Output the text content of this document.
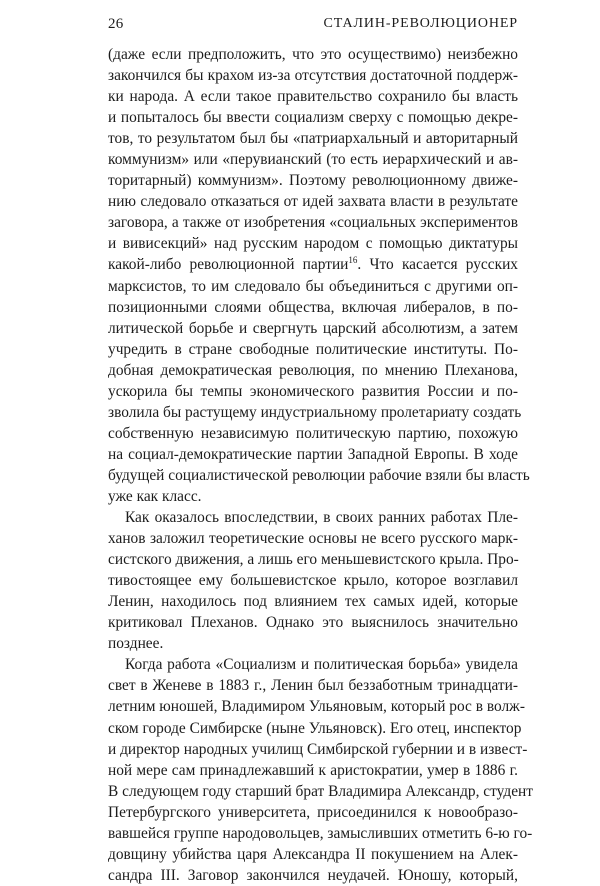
26	СТАЛИН-РЕВОЛЮЦИОНЕР
(даже если предположить, что это осуществимо) неизбежно
закончился бы крахом из-за отсутствия достаточной поддерж-
ки народа. А если такое правительство сохранило бы власть
и попыталось бы ввести социализм сверху с помощью декре-
тов, то результатом был бы «патриархальный и авторитарный
коммунизм» или «перувианский (то есть иерархический и ав-
торитарный) коммунизм». Поэтому революционному движе-
нию следовало отказаться от идей захвата власти в результате
заговора, а также от изобретения «социальных экспериментов
и вивисекций» над русским народом с помощью диктатуры
какой-либо революционной партии$^{16}$. Что касается русских
марксистов, то им следовало бы объединиться с другими оп-
позиционными слоями общества, включая либералов, в по-
литической борьбе и свергнуть царский абсолютизм, а затем
учредить в стране свободные политические институты. По-
добная демократическая революция, по мнению Плеханова,
ускорила бы темпы экономического развития России и по-
зволила бы растущему индустриальному пролетариату создать
собственную независимую политическую партию, похожую
на социал-демократические партии Западной Европы. В ходе
будущей социалистической революции рабочие взяли бы власть
уже как класс.
Как оказалось впоследствии, в своих ранних работах Пле-
ханов заложил теоретические основы не всего русского марк-
систского движения, а лишь его меньшевистского крыла. Про-
тивостоящее ему большевистское крыло, которое возглавил
Ленин, находилось под влиянием тех самых идей, которые
критиковал Плеханов. Однако это выяснилось значительно
позднее.
Когда работа «Социализм и политическая борьба» увидела
свет в Женеве в 1883 г., Ленин был беззаботным тринадцати-
летним юношей, Владимиром Ульяновым, который рос в волж-
ском городе Симбирске (ныне Ульяновск). Его отец, инспектор
и директор народных училищ Симбирской губернии и в извест-
ной мере сам принадлежавший к аристократии, умер в 1886 г.
В следующем году старший брат Владимира Александр, студент
Петербургского университета, присоединился к новообразо-
вавшейся группе народовольцев, замысливших отметить 6-ю го-
довщину убийства царя Александра II покушением на Алек-
сандра III. Заговор закончился неудачей. Юношу, который,
